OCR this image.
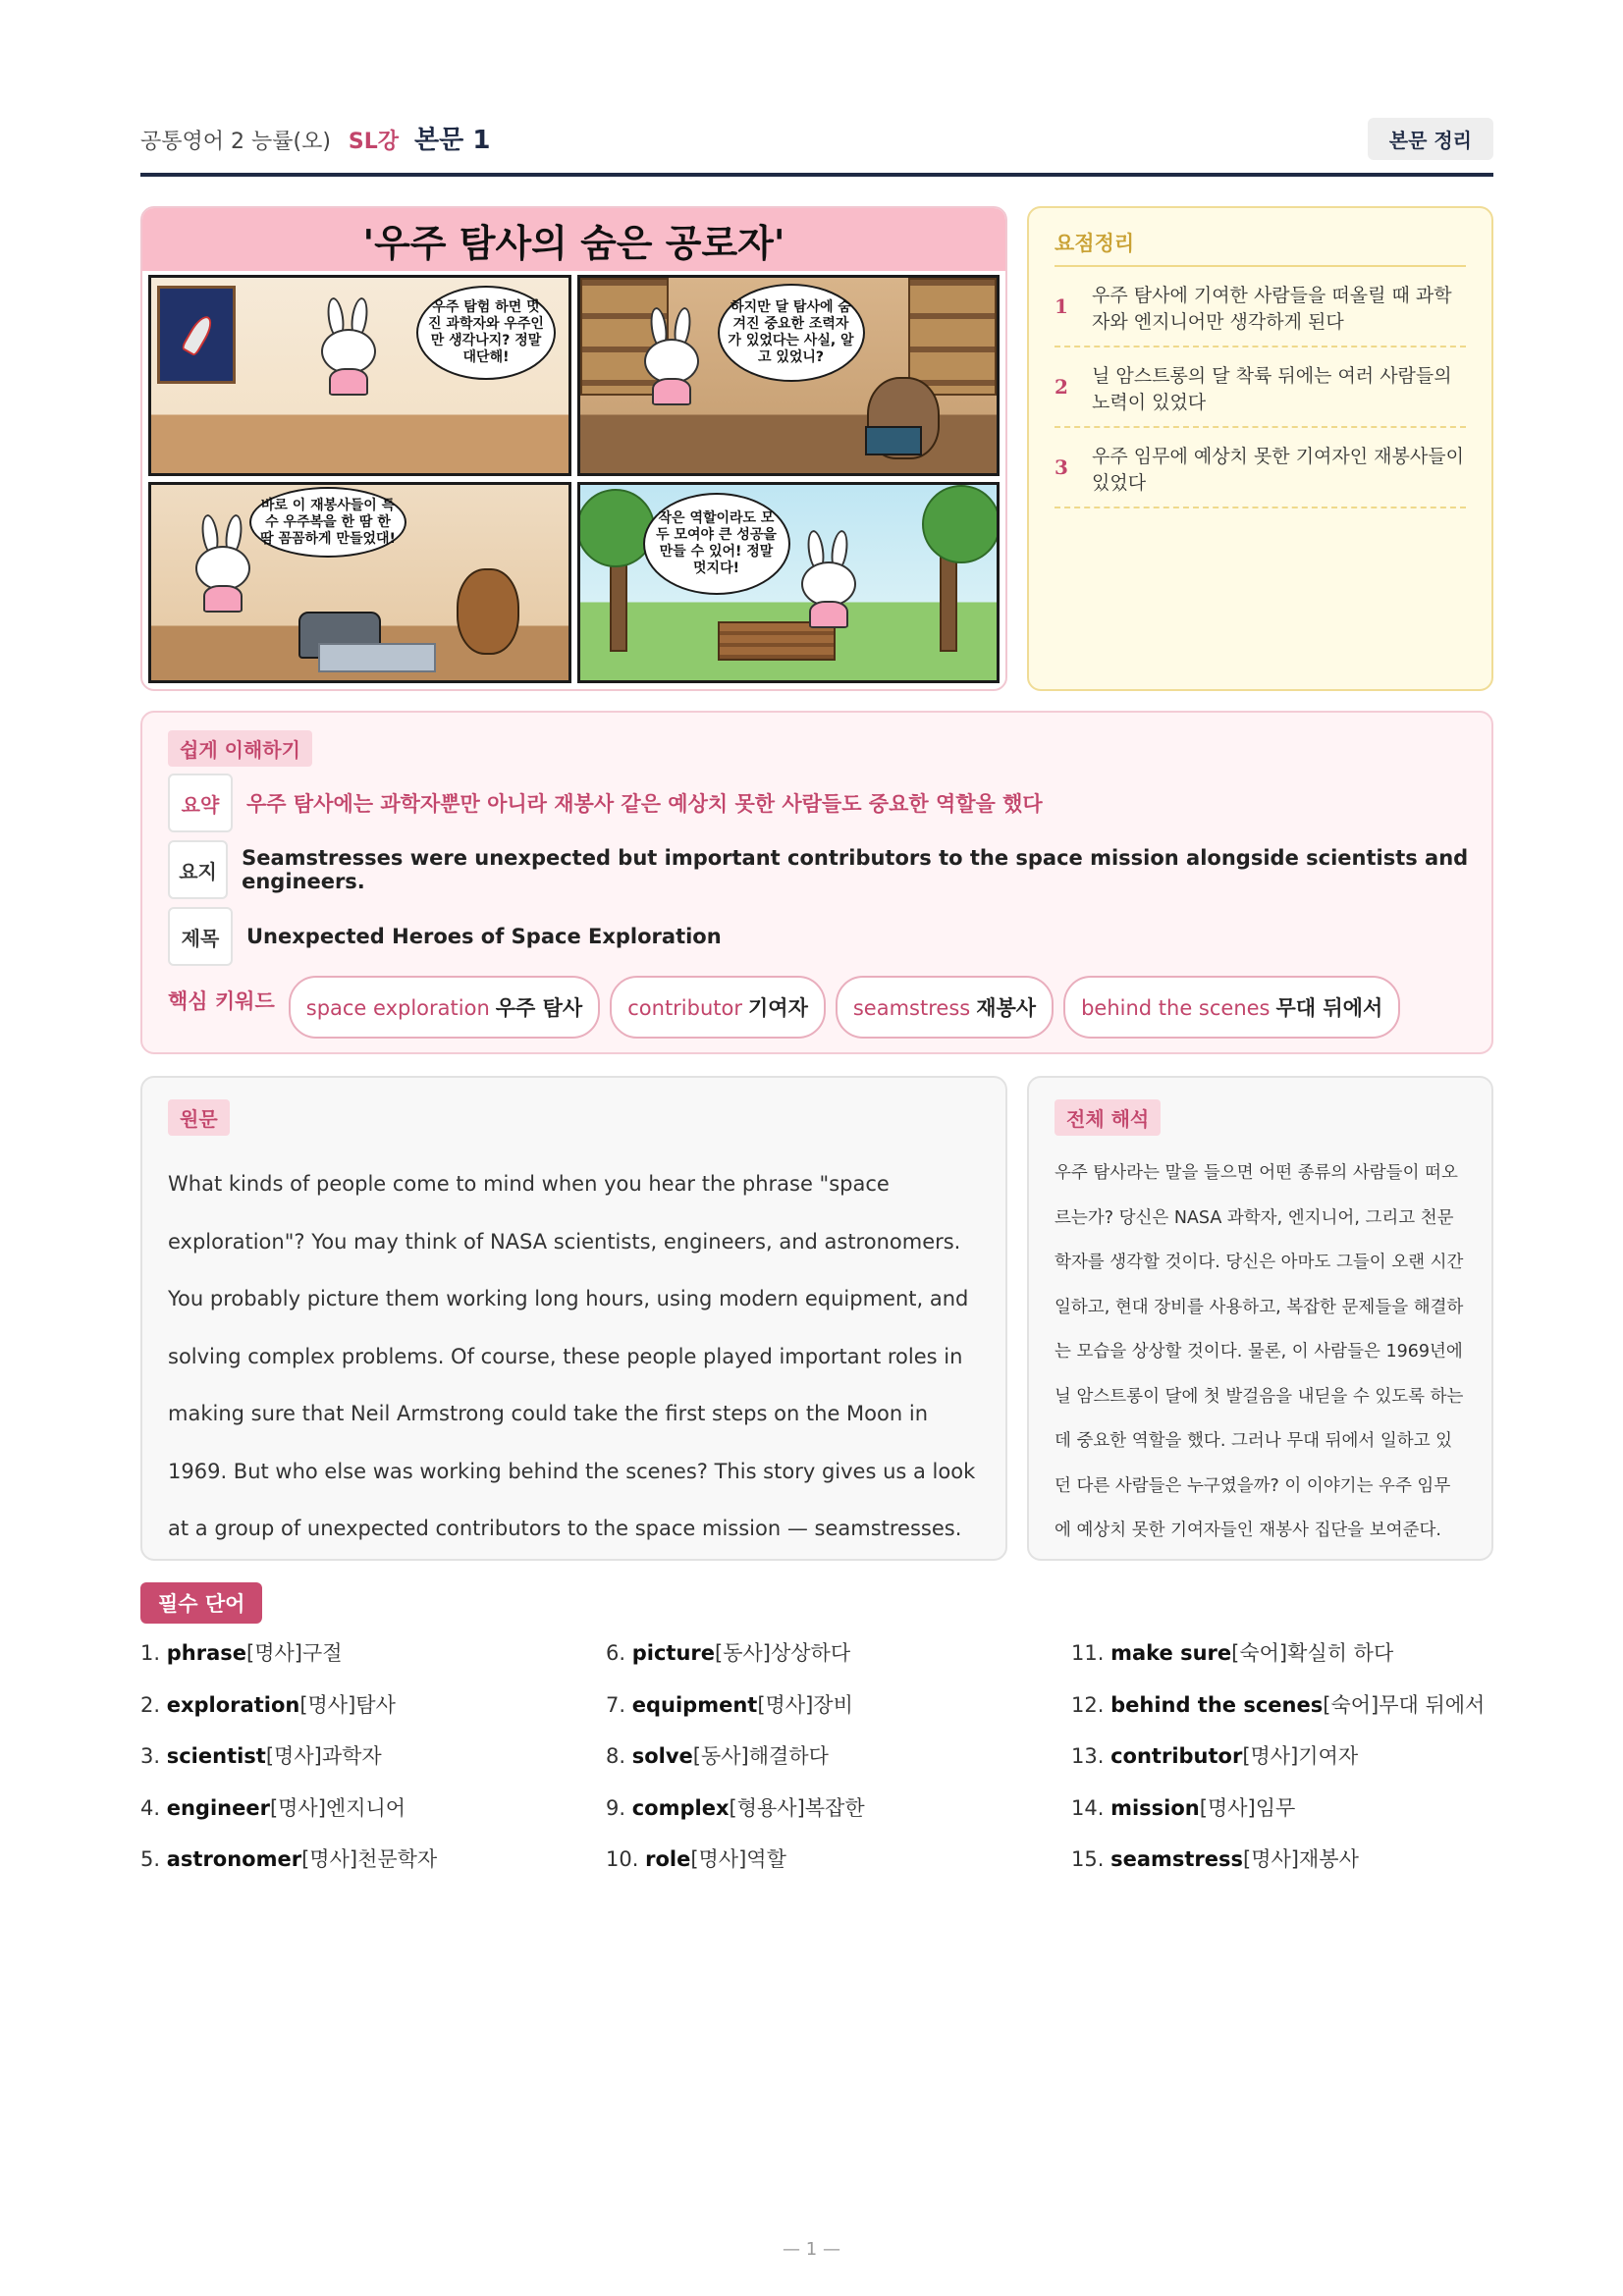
공통영어 2 능률(오) SL강 본문 1	본문 정리
'우주 탐사의 숨은 공로자'
우주 탐험 하면 멋진 과학자와 우주인만 생각나지? 정말 대단해!
하지만 달 탐사에 숨겨진 중요한 조력자가 있었다는 사실, 알고 있었니?
바로 이 재봉사들이 특수 우주복을 한 땀 한 땀 꼼꼼하게 만들었대!
작은 역할이라도 모두 모여야 큰 성공을 만들 수 있어! 정말 멋지다!
요점정리
1	우주 탐사에 기여한 사람들을 떠올릴 때 과학자와 엔지니어만 생각하게 된다
2	닐 암스트롱의 달 착륙 뒤에는 여러 사람들의 노력이 있었다
3	우주 임무에 예상치 못한 기여자인 재봉사들이 있었다
쉽게 이해하기
요약	우주 탐사에는 과학자뿐만 아니라 재봉사 같은 예상치 못한 사람들도 중요한 역할을 했다
요지
Seamstresses were unexpected but important contributors to the space mission alongside scientists and engineers.
제목	Unexpected Heroes of Space Exploration
핵심 키워드	space exploration 우주 탐사	contributor 기여자	seamstress 재봉사	behind the scenes 무대 뒤에서
원문

What kinds of people come to mind when you hear the phrase "space exploration"? You may think of NASA scientists, engineers, and astronomers. You probably picture them working long hours, using modern equipment, and solving complex problems. Of course, these people played important roles in making sure that Neil Armstrong could take the first steps on the Moon in 1969. But who else was working behind the scenes? This story gives us a look at a group of unexpected contributors to the space mission — seamstresses.

전체 해석

우주 탐사라는 말을 들으면 어떤 종류의 사람들이 떠오르는가? 당신은 NASA 과학자, 엔지니어, 그리고 천문학자를 생각할 것이다. 당신은 아마도 그들이 오랜 시간 일하고, 현대 장비를 사용하고, 복잡한 문제들을 해결하는 모습을 상상할 것이다. 물론, 이 사람들은 1969년에 닐 암스트롱이 달에 첫 발걸음을 내딛을 수 있도록 하는데 중요한 역할을 했다. 그러나 무대 뒤에서 일하고 있던 다른 사람들은 누구였을까? 이 이야기는 우주 임무에 예상치 못한 기여자들인 재봉사 집단을 보여준다.

필수 단어
1. phrase[명사]구절
2. exploration[명사]탐사
3. scientist[명사]과학자
4. engineer[명사]엔지니어
5. astronomer[명사]천문학자
6. picture[동사]상상하다
7. equipment[명사]장비
8. solve[동사]해결하다
9. complex[형용사]복잡한
10. role[명사]역할
11. make sure[숙어]확실히 하다
12. behind the scenes[숙어]무대 뒤에서
13. contributor[명사]기여자
14. mission[명사]임무
15. seamstress[명사]재봉사
— 1 —
